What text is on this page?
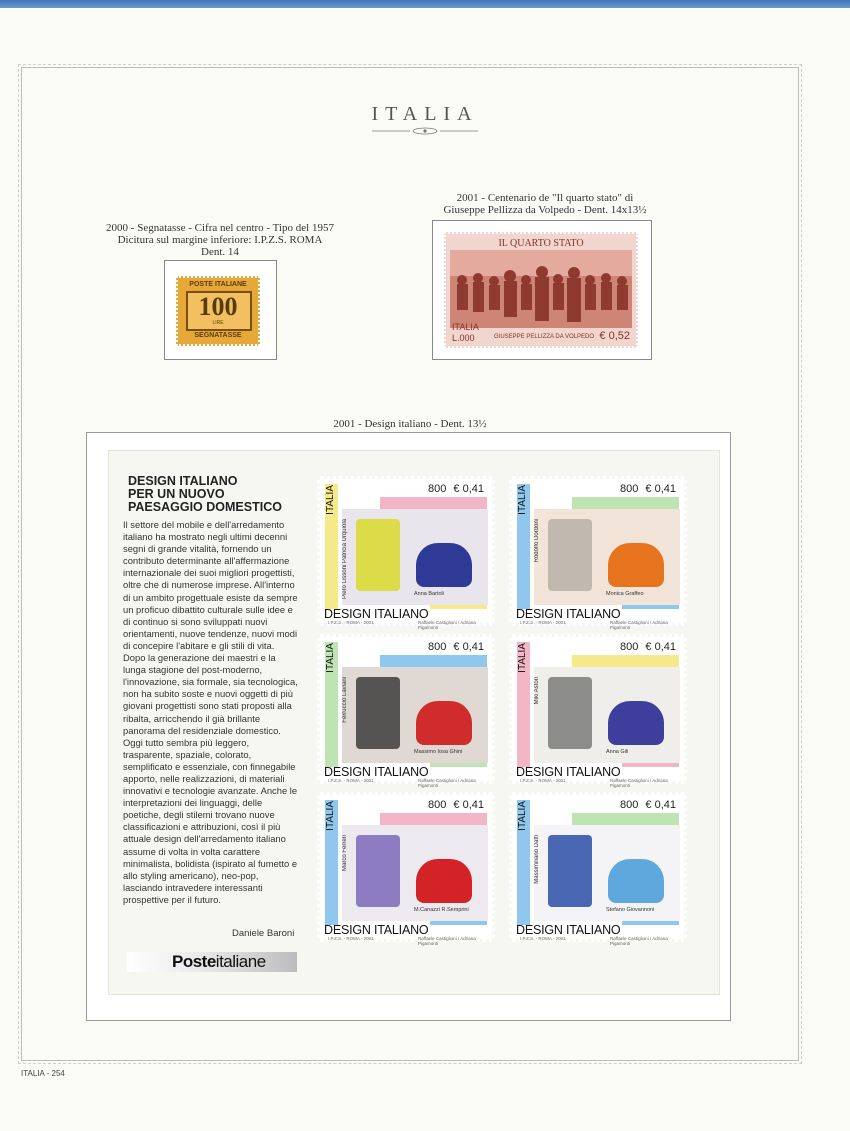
ITALIA
2000 - Segnatasse - Cifra nel centro - Tipo del 1957
Dicitura sul margine inferiore: I.P.Z.S. ROMA
Dent. 14
POSTE ITALIANE
100
LIRE
SEGNATASSE
2001 - Centenario de "Il quarto stato" di
Giuseppe Pellizza da Volpedo - Dent. 14x13½
IL QUARTO STATO
ITALIA
L.000	GIUSEPPE PELLIZZA DA VOLPEDO € 0,52
2001 - Design italiano - Dent. 13½
DESIGN ITALIANO
PER UN NUOVO
PAESAGGIO DOMESTICO
Il settore del mobile e dell'arredamento italiano ha mostrato negli ultimi decenni segni di grande vitalità, fornendo un contributo determinante all'affermazione internazionale dei suoi migliori progettisti, oltre che di numerose imprese. All'interno di un ambito progettuale esiste da sempre un proficuo dibattito culturale sulle idee e di continuo si sono sviluppati nuovi orientamenti, nuove tendenze, nuovi modi di concepire l'abitare e gli stili di vita. Dopo la generazione dei maestri e la lunga stagione del post-moderno, l'innovazione, sia formale, sia tecnologica, non ha subito soste e nuovi oggetti di più giovani progettisti sono stati proposti alla ribalta, arricchendo il già brillante panorama del residenziale domestico. Oggi tutto sembra più leggero, trasparente, spaziale, colorato, semplificato e essenziale, con finnegabile apporto, nelle realizzazioni, di materiali innovativi e tecnologie avanzate. Anche le interpretazioni dei linguaggi, delle poetiche, degli stilemi trovano nuove classificazioni e attribuzioni, così il più attuale design dell'arredamento italiano assume di volta in volta carattere minimalista, bolidista (ispirato al fumetto e allo styling americano), neo-pop, lasciando intravedere interessanti prospettive per il futuro.
Daniele Baroni
Posteitaliane
ITALIA	800 € 0,41
Piero Lissoni Patricia Urquiola	Anna Bartoli
DESIGN ITALIANO
I.P.Z.S. - ROMA - 2001	Raffaele Castiglioni / Adriana Pigamonti
ITALIA	800 € 0,41
Rodolfo Dordoni
Monica Graffeo
DESIGN ITALIANO
I.P.Z.S. - ROMA - 2001	Raffaele Castiglioni / Adriana Pigamonti
ITALIA	800 € 0,41
Ferruccio Laviani
Massimo Iosa Ghini
DESIGN ITALIANO
I.P.Z.S. - ROMA - 2001	Raffaele Castiglioni / Adriana Pigamonti
ITALIA	800 € 0,41
Miki Astori
Anna Gili
DESIGN ITALIANO
I.P.Z.S. - ROMA - 2001	Raffaele Castiglioni / Adriana Pigamonti
ITALIA	800 € 0,41
Marco Ferreri
M.Canazzi R.Semprini
DESIGN ITALIANO
I.P.Z.S. - ROMA - 2001	Raffaele Castiglioni / Adriana Pigamonti
ITALIA	800 € 0,41
Massimiliano Datti
Stefano Giovannoni
DESIGN ITALIANO
I.P.Z.S. - ROMA - 2001	Raffaele Castiglioni / Adriana Pigamonti
ITALIA - 254
